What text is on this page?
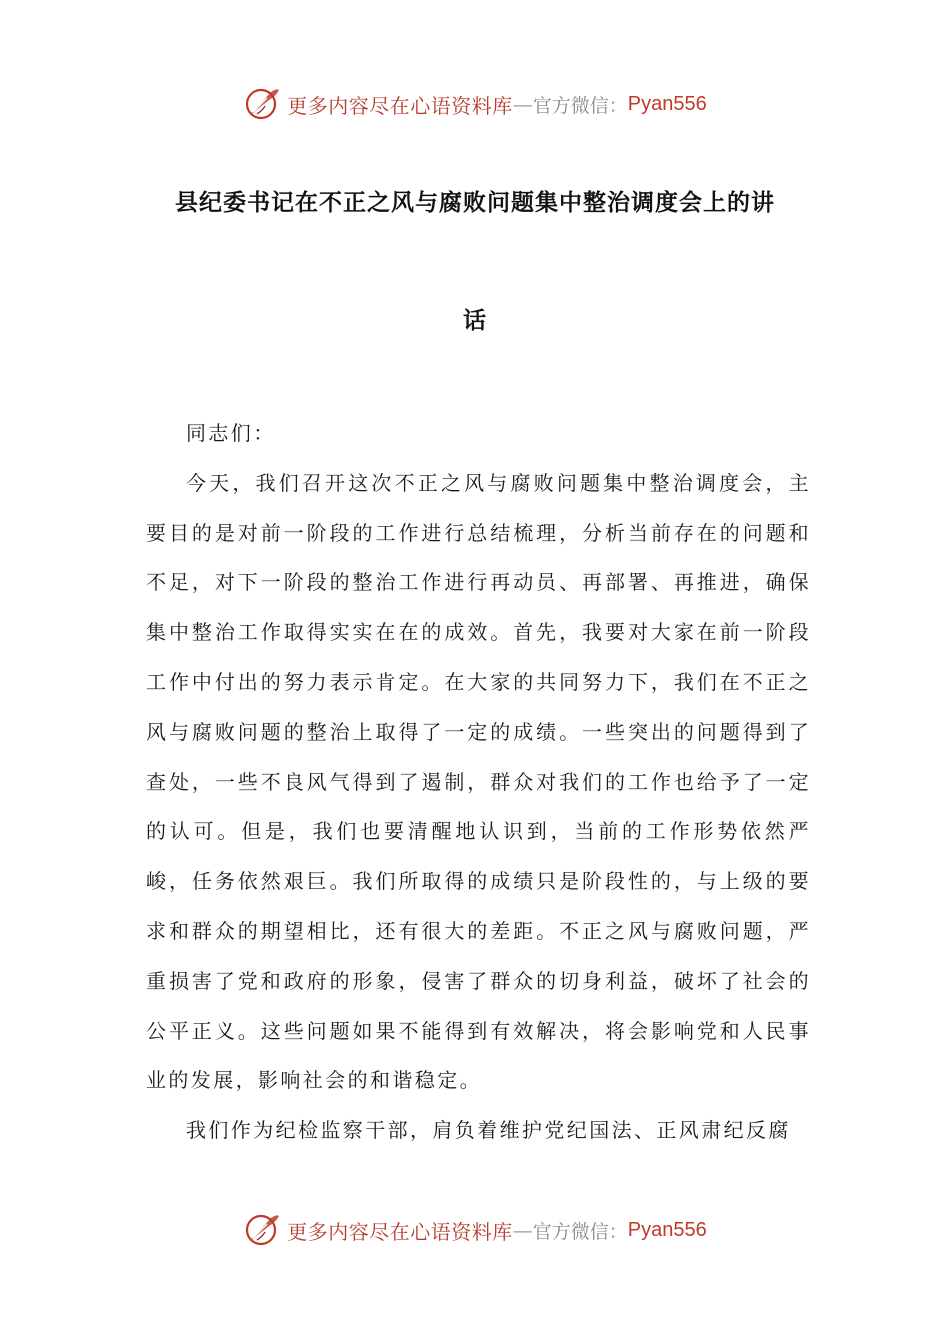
更多内容尽在心语资料库 — 官方微信： Pyan556
县纪委书记在不正之风与腐败问题集中整治调度会上的讲
话

同志们：

今天，我们召开这次不正之风与腐败问题集中整治调度会，主要目的是对前一阶段的工作进行总结梳理，分析当前存在的问题和不足，对下一阶段的整治工作进行再动员、再部署、再推进，确保集中整治工作取得实实在在的成效。首先，我要对大家在前一阶段工作中付出的努力表示肯定。在大家的共同努力下，我们在不正之风与腐败问题的整治上取得了一定的成绩。一些突出的问题得到了查处，一些不良风气得到了遏制，群众对我们的工作也给予了一定的认可。但是，我们也要清醒地认识到，当前的工作形势依然严峻，任务依然艰巨。我们所取得的成绩只是阶段性的，与上级的要求和群众的期望相比，还有很大的差距。不正之风与腐败问题，严重损害了党和政府的形象，侵害了群众的切身利益，破坏了社会的公平正义。这些问题如果不能得到有效解决，将会影响党和人民事业的发展，影响社会的和谐稳定。

我们作为纪检监察干部，肩负着维护党纪国法、正风肃纪反腐

更多内容尽在心语资料库 — 官方微信： Pyan556
